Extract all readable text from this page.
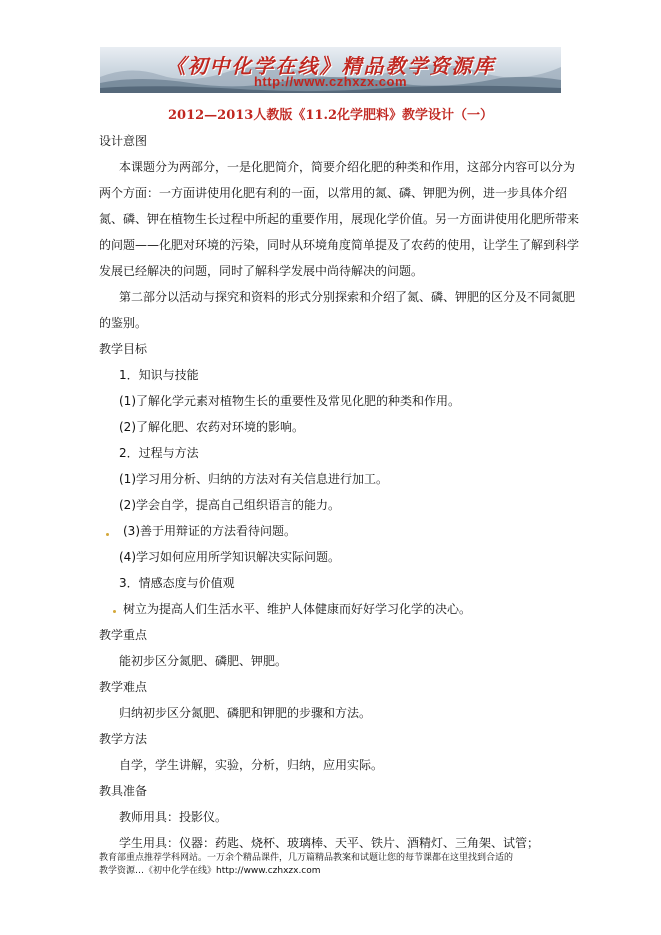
《初中化学在线》精品教学资源库
http://www.czhxzx.com
2012—2013人教版《11.2化学肥料》教学设计（一）
设计意图
本课题分为两部分，一是化肥简介，简要介绍化肥的种类和作用，这部分内容可以分为
两个方面：一方面讲使用化肥有利的一面，以常用的氮、磷、钾肥为例，进一步具体介绍
氮、磷、钾在植物生长过程中所起的重要作用，展现化学价值。另一方面讲使用化肥所带来
的问题——化肥对环境的污染，同时从环境角度简单提及了农药的使用，让学生了解到科学
发展已经解决的问题，同时了解科学发展中尚待解决的问题。
第二部分以活动与探究和资料的形式分别探索和介绍了氮、磷、钾肥的区分及不同氮肥
的鉴别。
教学目标
1．知识与技能
(1)了解化学元素对植物生长的重要性及常见化肥的种类和作用。
(2)了解化肥、农药对环境的影响。
2．过程与方法
(1)学习用分析、归纳的方法对有关信息进行加工。
(2)学会自学，提高自己组织语言的能力。
(3)善于用辩证的方法看待问题。
(4)学习如何应用所学知识解决实际问题。
3．情感态度与价值观
树立为提高人们生活水平、维护人体健康而好好学习化学的决心。
教学重点
能初步区分氮肥、磷肥、钾肥。
教学难点
归纳初步区分氮肥、磷肥和钾肥的步骤和方法。
教学方法
自学，学生讲解，实验，分析，归纳，应用实际。
教具准备
教师用具：投影仪。
学生用具：仪器：药匙、烧杯、玻璃棒、天平、铁片、酒精灯、三角架、试管；
教育部重点推荐学科网站。一万余个精品课件，几万篇精品教案和试题让您的每节课都在这里找到合适的
教学资源…《初中化学在线》http://www.czhxzx.com
